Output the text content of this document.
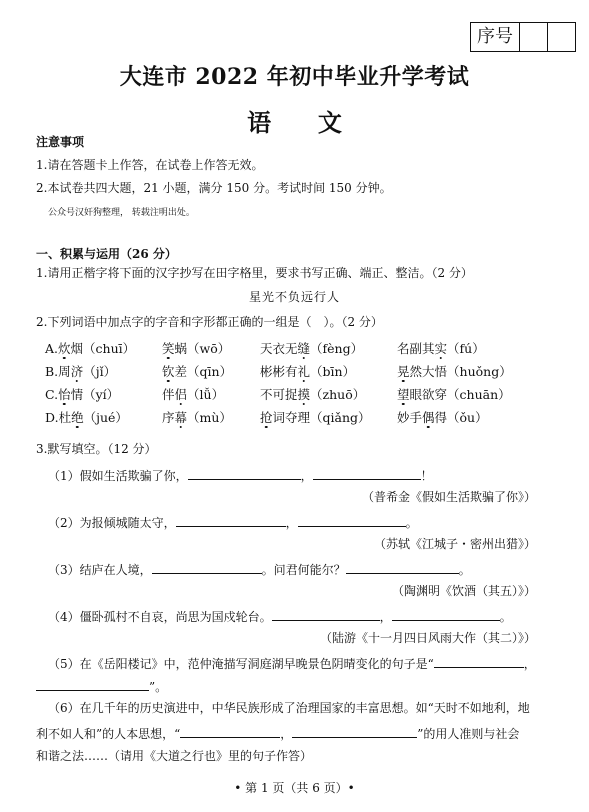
序号
大连市 2022 年初中毕业升学考试
语 文
注意事项
1.请在答题卡上作答，在试卷上作答无效。
2.本试卷共四大题，21 小题，满分 150 分。考试时间 150 分钟。
公众号汉奸狗整理， 转载注明出处。
一、积累与运用（26 分）
1.请用正楷字将下面的汉字抄写在田字格里，要求书写正确、端正、整洁。（2 分）
星光不负远行人
2.下列词语中加点字的字音和字形都正确的一组是（　）。（2 分）
A.炊烟（chuī） 笑蜗（wō） 天衣无缝（fèng）	名副其实（fú）
B.周济（jǐ）	钦差（qīn） 彬彬有礼（bīn）	晃然大悟（huǒng）
C.怡情（yí）	伴侣（lǚ）	不可捉摸（zhuō）	望眼欲穿（chuān）
D.杜绝（jué）	序幕（mù） 抢词夺理（qiǎng） 妙手偶得（ǒu）
3.默写填空。（12 分）
（1）假如生活欺骗了你，	，	！
（普希金《假如生活欺骗了你》）
（2）为报倾城随太守，	，	。
（苏轼《江城子・密州出猎》）
（3）结庐在人境，	。问君何能尔？	。
（陶渊明《饮酒（其五）》）
（4）僵卧孤村不自哀，尚思为国戍轮台。	，	。
（陆游《十一月四日风雨大作（其二）》）
（5）在《岳阳楼记》中，范仲淹描写洞庭湖早晚景色阴晴变化的句子是“	，
”。
（6）在几千年的历史演进中，中华民族形成了治理国家的丰富思想。如“天时不如地利，地
利不如人和”的人本思想，“	，	”的用人准则与社会
和谐之法……（请用《大道之行也》里的句子作答）
• 第 1 页（共 6 页）•
